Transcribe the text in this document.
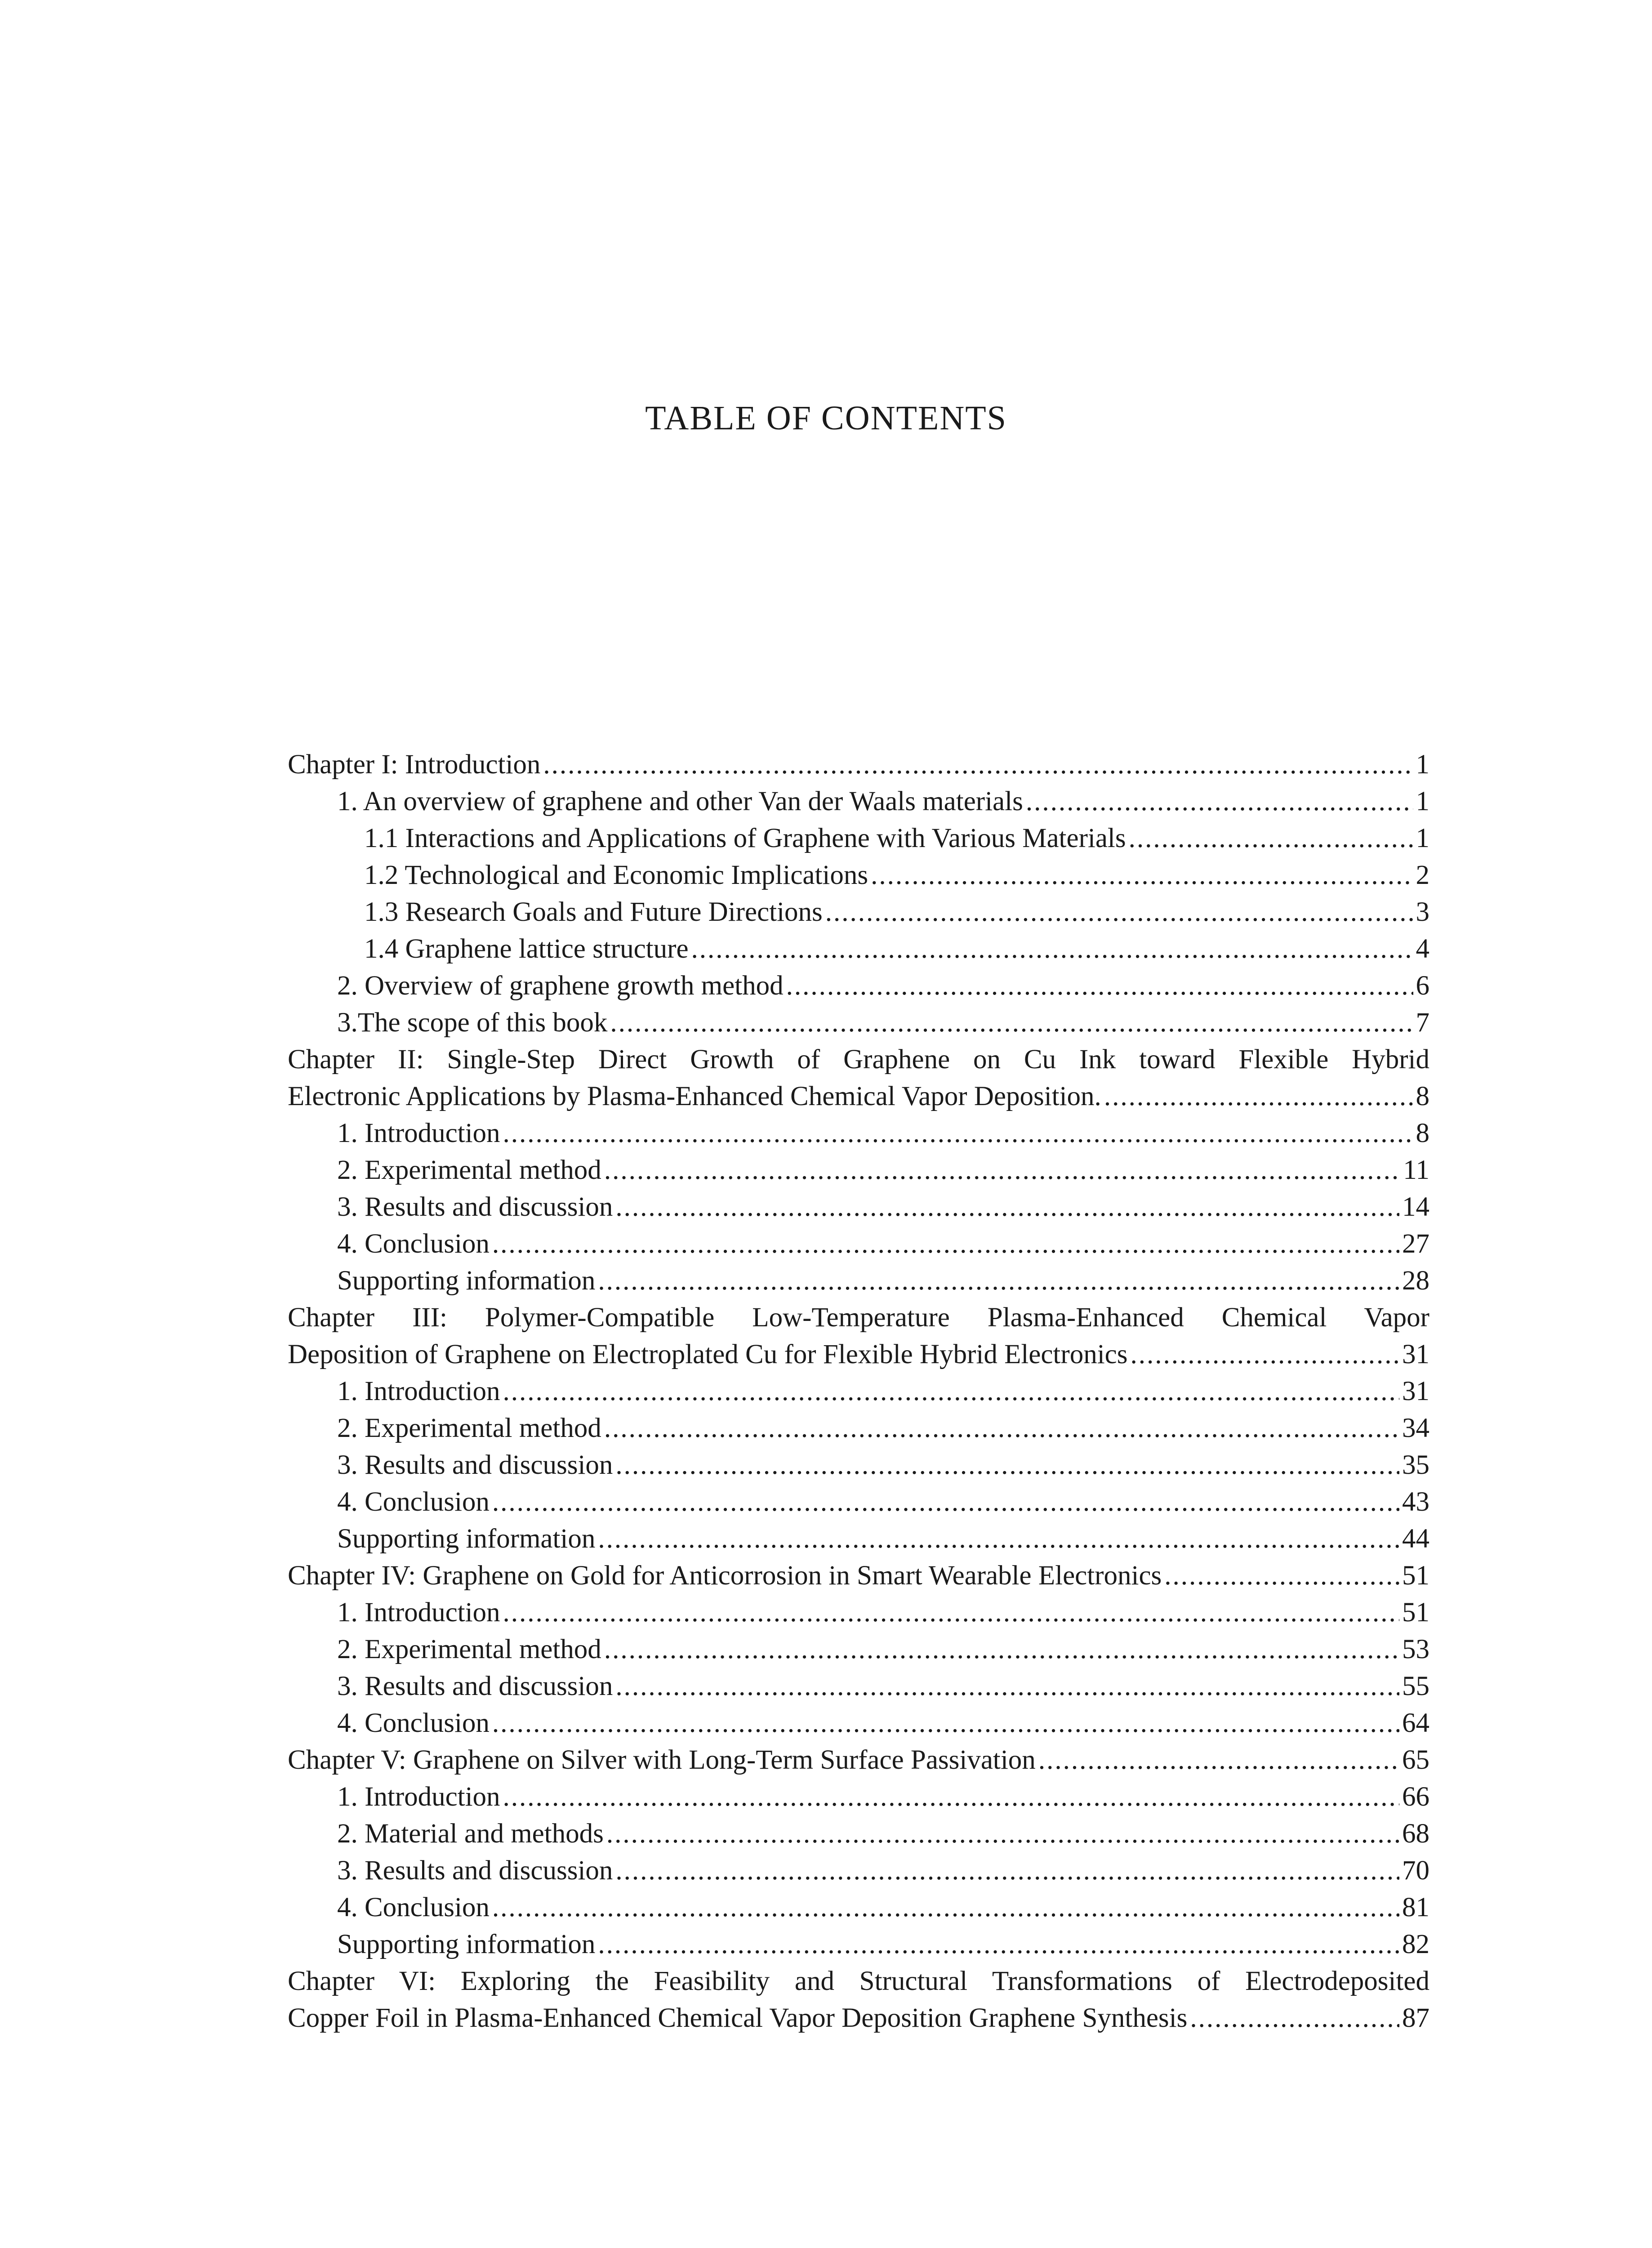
TABLE OF CONTENTS
Chapter I: Introduction .....	1
1. An overview of graphene and other Van der Waals materials .....	1
1.1 Interactions and Applications of Graphene with Various Materials .....	1
1.2 Technological and Economic Implications .....	2
1.3 Research Goals and Future Directions .....	3
1.4 Graphene lattice structure .....	4
2. Overview of graphene growth method .....	6
3.The scope of this book .....	7
Chapter II: Single-Step Direct Growth of Graphene on Cu Ink toward Flexible Hybrid
Electronic Applications by Plasma-Enhanced Chemical Vapor Deposition. .....	8
1. Introduction .....	8
2. Experimental method .....	11
3. Results and discussion .....	14
4. Conclusion .....	27
Supporting information .....	28
Chapter III: Polymer-Compatible Low-Temperature Plasma-Enhanced Chemical Vapor
Deposition of Graphene on Electroplated Cu for Flexible Hybrid Electronics .....	31
1. Introduction .....	31
2. Experimental method .....	34
3. Results and discussion .....	35
4. Conclusion .....	43
Supporting information .....	44
Chapter IV: Graphene on Gold for Anticorrosion in Smart Wearable Electronics .....	51
1. Introduction .....	51
2. Experimental method .....	53
3. Results and discussion .....	55
4. Conclusion .....	64
Chapter V: Graphene on Silver with Long-Term Surface Passivation .....	65
1. Introduction .....	66
2. Material and methods .....	68
3. Results and discussion .....	70
4. Conclusion .....	81
Supporting information .....	82
Chapter VI: Exploring the Feasibility and Structural Transformations of Electrodeposited
Copper Foil in Plasma-Enhanced Chemical Vapor Deposition Graphene Synthesis .....	87
